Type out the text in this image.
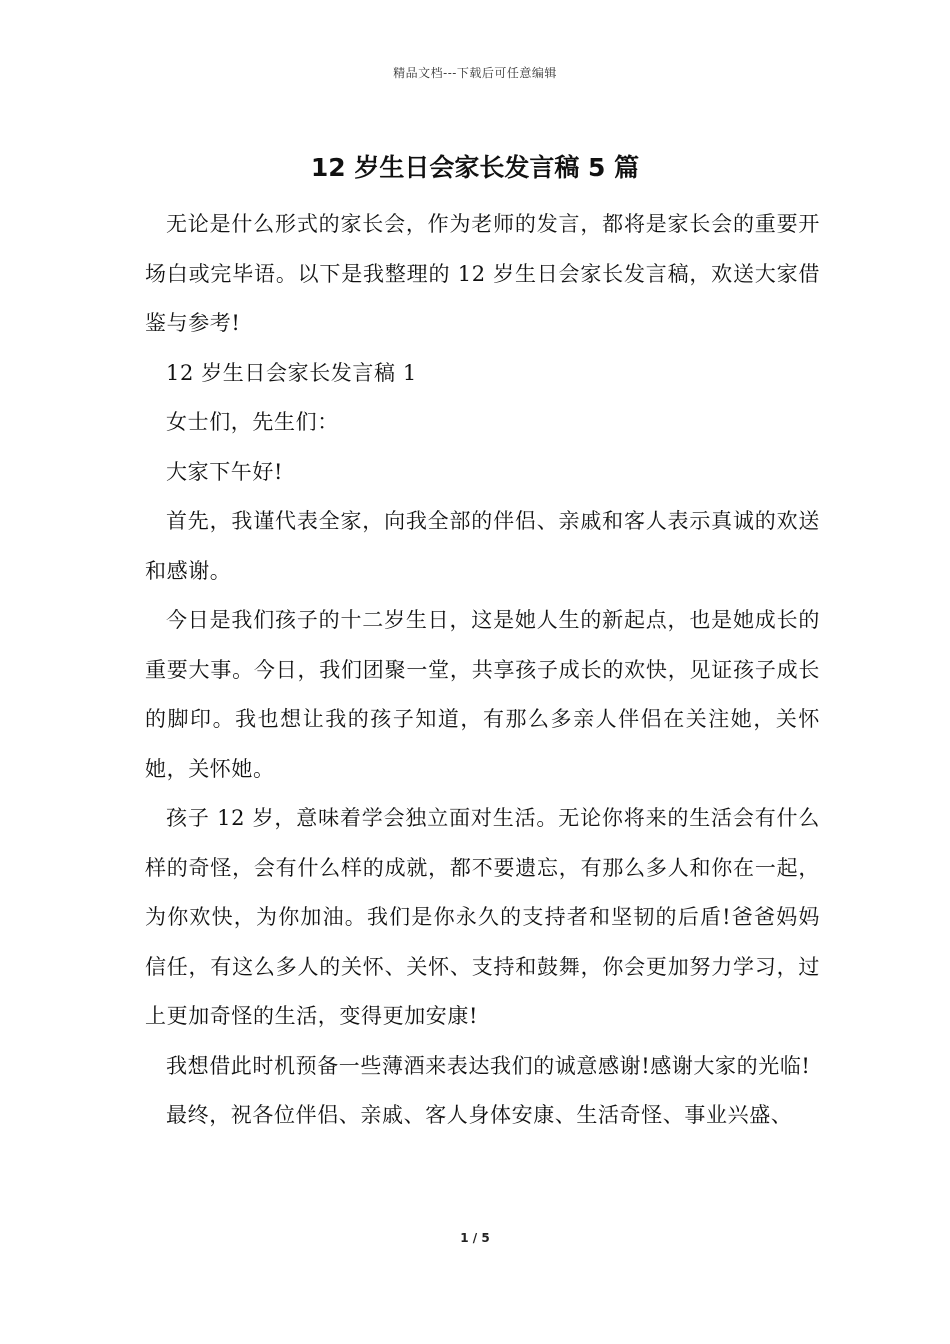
精品文档---下载后可任意编辑
12 岁生日会家长发言稿 5 篇

无论是什么形式的家长会，作为老师的发言，都将是家长会的重要开场白或完毕语。以下是我整理的 12 岁生日会家长发言稿，欢送大家借鉴与参考!

12 岁生日会家长发言稿 1

女士们，先生们：

大家下午好!

首先，我谨代表全家，向我全部的伴侣、亲戚和客人表示真诚的欢送和感谢。

今日是我们孩子的十二岁生日，这是她人生的新起点，也是她成长的重要大事。今日，我们团聚一堂，共享孩子成长的欢快，见证孩子成长的脚印。我也想让我的孩子知道，有那么多亲人伴侣在关注她，关怀她，关怀她。

孩子 12 岁，意味着学会独立面对生活。无论你将来的生活会有什么样的奇怪，会有什么样的成就，都不要遗忘，有那么多人和你在一起，为你欢快，为你加油。我们是你永久的支持者和坚韧的后盾!爸爸妈妈信任，有这么多人的关怀、关怀、支持和鼓舞，你会更加努力学习，过上更加奇怪的生活，变得更加安康!

我想借此时机预备一些薄酒来表达我们的诚意感谢!感谢大家的光临!

最终，祝各位伴侣、亲戚、客人身体安康、生活奇怪、事业兴盛、

1 / 5
